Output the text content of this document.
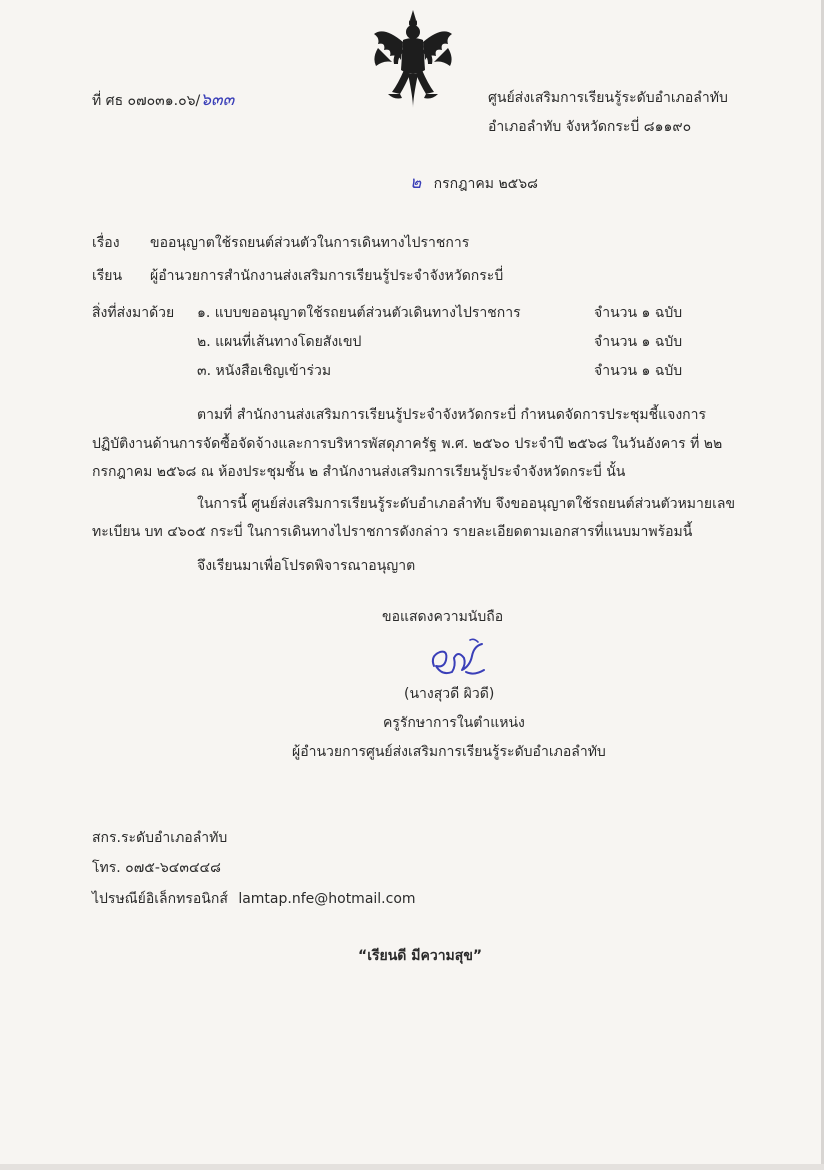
ที่ ศธ ๐๗๐๓๑.๐๖/๖๓๓	ศูนย์ส่งเสริมการเรียนรู้ระดับอำเภอลำทับ
อำเภอลำทับ จังหวัดกระบี่ ๘๑๑๙๐
๒ กรกฎาคม ๒๕๖๘
เรื่อง ขออนุญาตใช้รถยนต์ส่วนตัวในการเดินทางไปราชการ
เรียน ผู้อำนวยการสำนักงานส่งเสริมการเรียนรู้ประจำจังหวัดกระบี่
สิ่งที่ส่งมาด้วย ๑. แบบขออนุญาตใช้รถยนต์ส่วนตัวเดินทางไปราชการ	จำนวน ๑ ฉบับ
๒. แผนที่เส้นทางโดยสังเขป	จำนวน ๑ ฉบับ
๓. หนังสือเชิญเข้าร่วม	จำนวน ๑ ฉบับ
ตามที่ สำนักงานส่งเสริมการเรียนรู้ประจำจังหวัดกระบี่ กำหนดจัดการประชุมชี้แจงการ
ปฏิบัติงานด้านการจัดซื้อจัดจ้างและการบริหารพัสดุภาครัฐ พ.ศ. ๒๕๖๐ ประจำปี ๒๕๖๘ ในวันอังคาร ที่ ๒๒
กรกฎาคม ๒๕๖๘ ณ ห้องประชุมชั้น ๒ สำนักงานส่งเสริมการเรียนรู้ประจำจังหวัดกระบี่ นั้น
ในการนี้ ศูนย์ส่งเสริมการเรียนรู้ระดับอำเภอลำทับ จึงขออนุญาตใช้รถยนต์ส่วนตัวหมายเลข
ทะเบียน บท ๔๖๐๕ กระบี่ ในการเดินทางไปราชการดังกล่าว รายละเอียดตามเอกสารที่แนบมาพร้อมนี้
จึงเรียนมาเพื่อโปรดพิจารณาอนุญาต
ขอแสดงความนับถือ
(นางสุวดี ผิวดี)
ครูรักษาการในตำแหน่ง
ผู้อำนวยการศูนย์ส่งเสริมการเรียนรู้ระดับอำเภอลำทับ
สกร.ระดับอำเภอลำทับ
โทร. ๐๗๕-๖๔๓๔๔๘
ไปรษณีย์อิเล็กทรอนิกส์ lamtap.nfe@hotmail.com
“เรียนดี มีความสุข”
